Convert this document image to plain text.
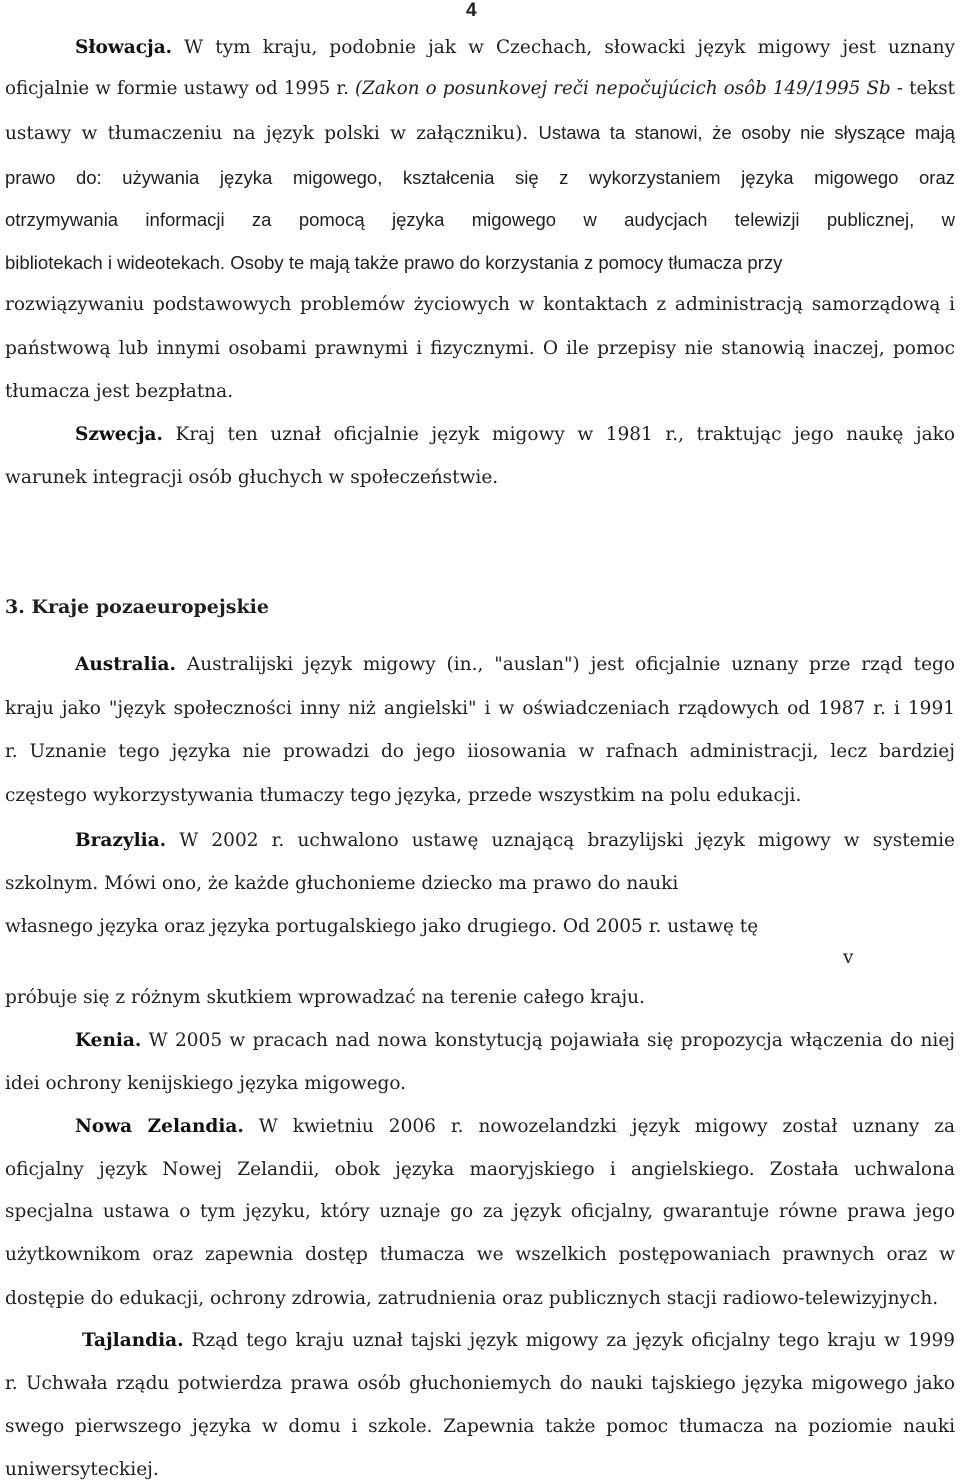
4
Słowacja. W tym kraju, podobnie jak w Czechach, słowacki język migowy jest uznany
oficjalnie w formie ustawy od 1995 r. (Zakon o posunkovej reči nepočujúcich osôb 149/1995 Sb - tekst
ustawy w tłumaczeniu na język polski w załączniku). Ustawa ta stanowi, że osoby nie słyszące mają
prawo do: używania języka migowego, kształcenia się z wykorzystaniem języka migowego oraz
otrzymywania informacji za pomocą języka migowego w audycjach telewizji publicznej, w
bibliotekach i wideotekach. Osoby te mają także prawo do korzystania z pomocy tłumacza przy
rozwiązywaniu podstawowych problemów życiowych w kontaktach z administracją samorządową i
państwową lub innymi osobami prawnymi i fizycznymi. O ile przepisy nie stanowią inaczej, pomoc
tłumacza jest bezpłatna.
Szwecja. Kraj ten uznał oficjalnie język migowy w 1981 r., traktując jego naukę jako
warunek integracji osób głuchych w społeczeństwie.
3. Kraje pozaeuropejskie
Australia. Australijski język migowy (in., "auslan") jest oficjalnie uznany prze rząd tego
kraju jako "język społeczności inny niż angielski" i w oświadczeniach rządowych od 1987 r. i 1991
r. Uznanie tego języka nie prowadzi do jego iiosowania w rafnach administracji, lecz bardziej
częstego wykorzystywania tłumaczy tego języka, przede wszystkim na polu edukacji.
Brazylia. W 2002 r. uchwalono ustawę uznającą brazylijski język migowy w systemie
szkolnym. Mówi ono, że każde głuchonieme dziecko ma prawo do nauki
własnego języka oraz języka portugalskiego jako drugiego. Od 2005 r. ustawę tę
v
próbuje się z różnym skutkiem wprowadzać na terenie całego kraju.
Kenia. W 2005 w pracach nad nowa konstytucją pojawiała się propozycja włączenia do niej
idei ochrony kenijskiego języka migowego.
Nowa Zelandia. W kwietniu 2006 r. nowozelandzki język migowy został uznany za
oficjalny język Nowej Zelandii, obok języka maoryjskiego i angielskiego. Została uchwalona
specjalna ustawa o tym języku, który uznaje go za język oficjalny, gwarantuje równe prawa jego
użytkownikom oraz zapewnia dostęp tłumacza we wszelkich postępowaniach prawnych oraz w
dostępie do edukacji, ochrony zdrowia, zatrudnienia oraz publicznych stacji radiowo-telewizyjnych.
Tajlandia. Rząd tego kraju uznał tajski język migowy za język oficjalny tego kraju w 1999
r. Uchwała rządu potwierdza prawa osób głuchoniemych do nauki tajskiego języka migowego jako
swego pierwszego języka w domu i szkole. Zapewnia także pomoc tłumacza na poziomie nauki
uniwersyteckiej.
